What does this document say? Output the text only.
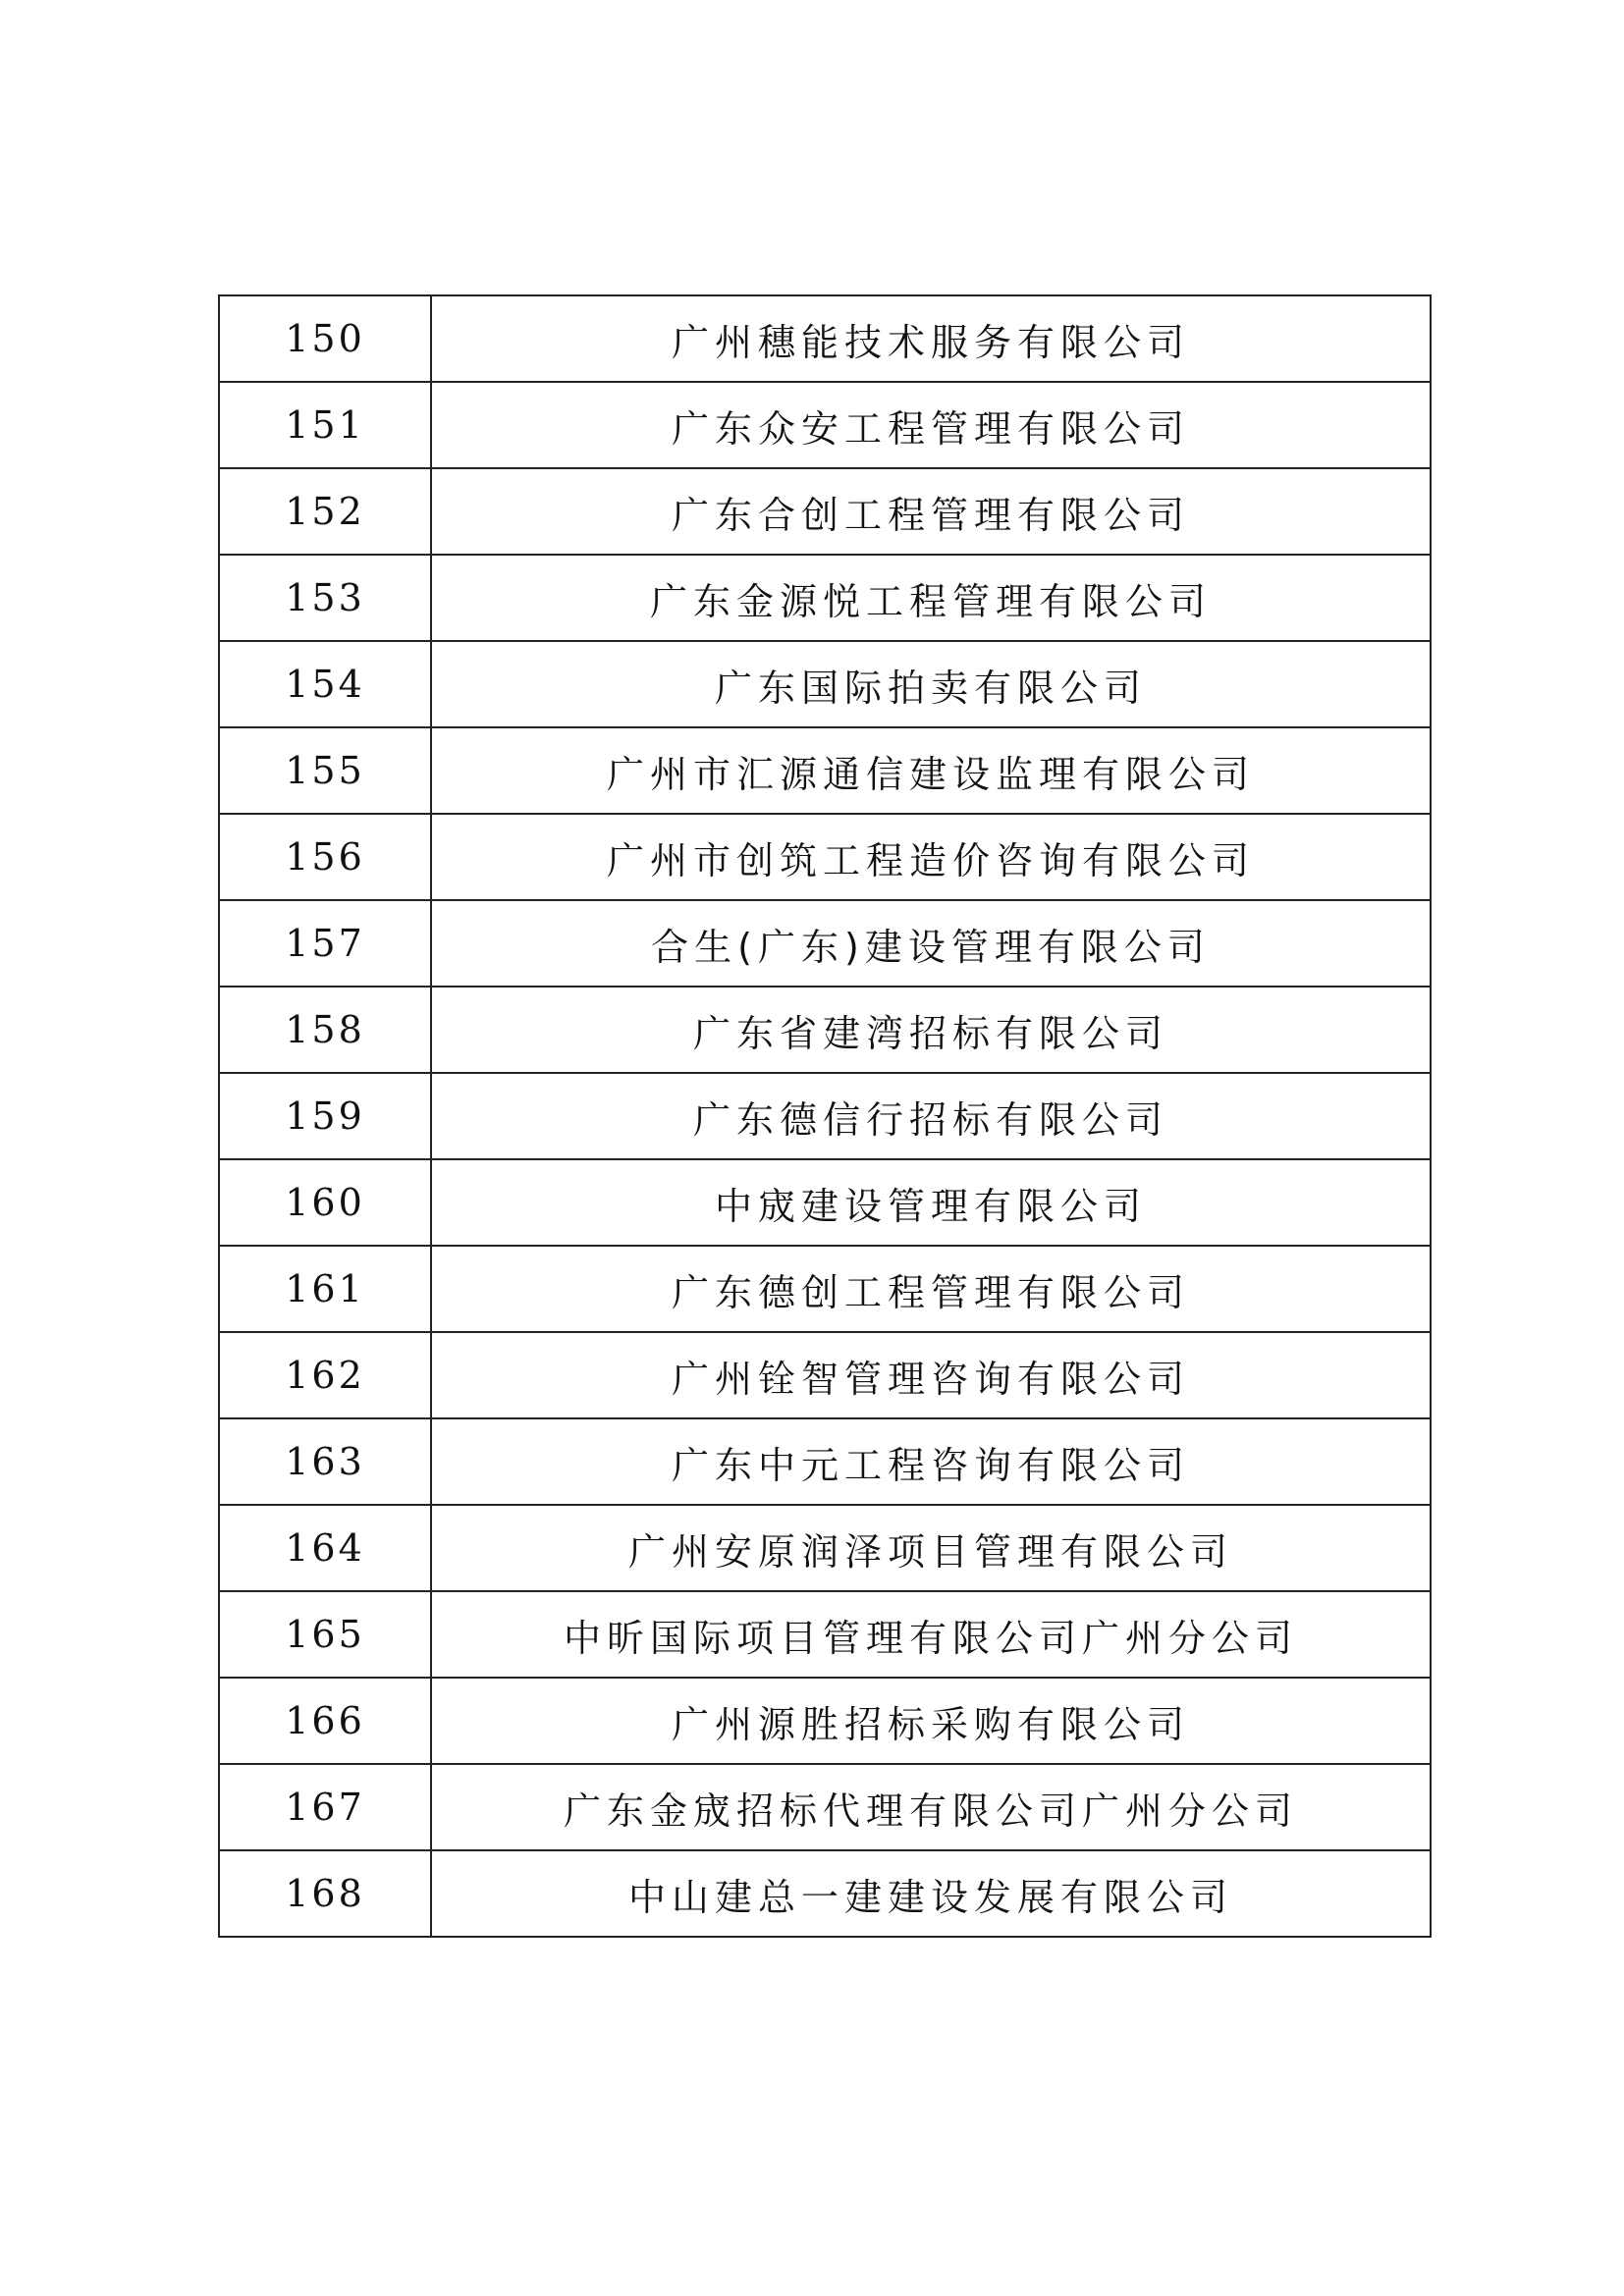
150	广州穗能技术服务有限公司
151	广东众安工程管理有限公司
152	广东合创工程管理有限公司
153	广东金源悦工程管理有限公司
154	广东国际拍卖有限公司
155	广州市汇源通信建设监理有限公司
156	广州市创筑工程造价咨询有限公司
157	合生(广东)建设管理有限公司
158	广东省建湾招标有限公司
159	广东德信行招标有限公司
160	中宬建设管理有限公司
161	广东德创工程管理有限公司
162	广州铨智管理咨询有限公司
163	广东中元工程咨询有限公司
164	广州安原润泽项目管理有限公司
165	中昕国际项目管理有限公司广州分公司
166	广州源胜招标采购有限公司
167	广东金宬招标代理有限公司广州分公司
168	中山建总一建建设发展有限公司
